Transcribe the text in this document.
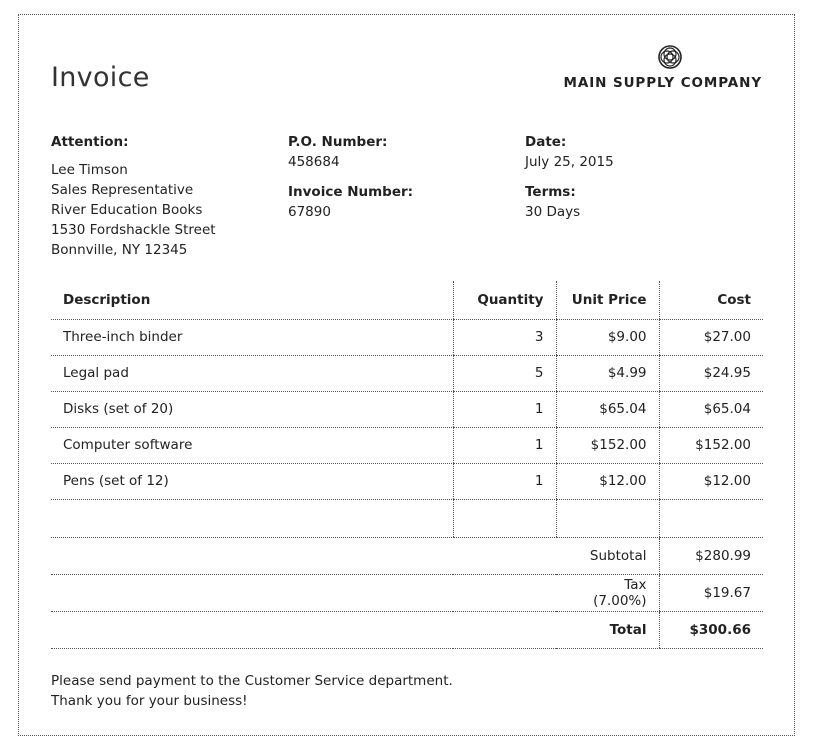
Invoice	MAIN SUPPLY COMPANY
Attention:
Lee Timson
Sales Representative
River Education Books
1530 Fordshackle Street
Bonnville, NY 12345
P.O. Number:
458684
Invoice Number:
67890
Date:
July 25, 2015
Terms:
30 Days
Description	Quantity	Unit Price	Cost
Three-inch binder	3	$9.00	$27.00
Legal pad	5	$4.99	$24.95
Disks (set of 20)	1	$65.04	$65.04
Computer software	1	$152.00	$152.00
Pens (set of 12)	1	$12.00	$12.00

		Subtotal	$280.99
		Tax (7.00%)	$19.67
		Total	$300.66
Please send payment to the Customer Service department.
Thank you for your business!
